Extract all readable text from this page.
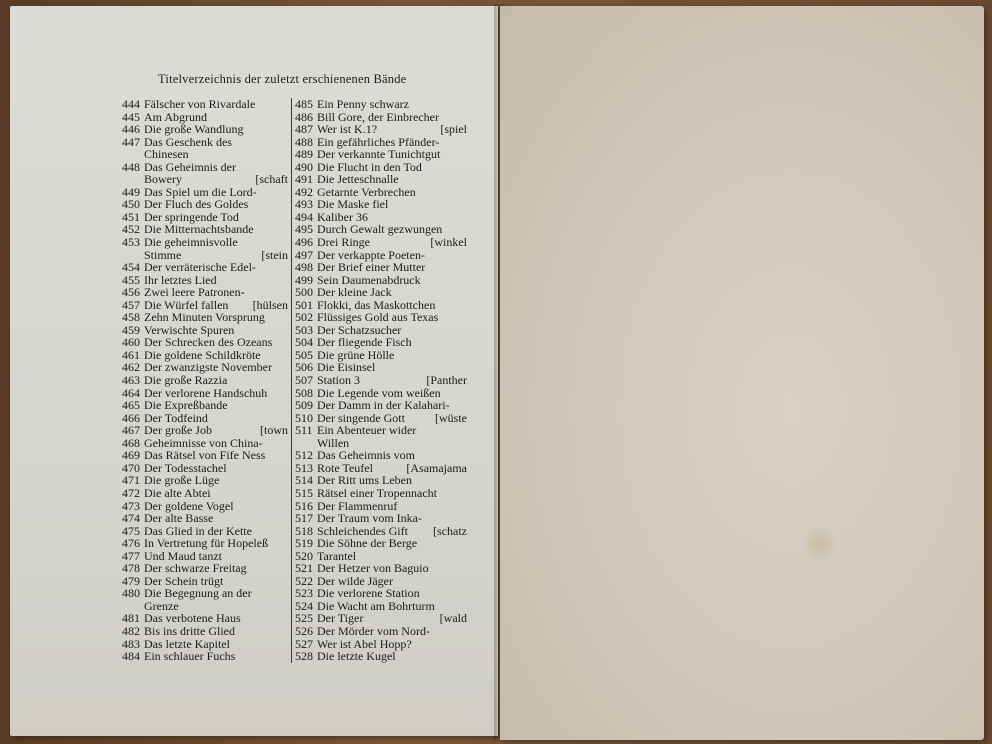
Titelverzeichnis der zuletzt erschienenen Bände
444 Fälscher von Rivardale
445 Am Abgrund
446 Die große Wandlung
447 Das Geschenk des
Chinesen
448 Das Geheimnis der
Bowery	[schaft
449 Das Spiel um die Lord-
450 Der Fluch des Goldes
451 Der springende Tod
452 Die Mitternachtsbande
453 Die geheimnisvolle
Stimme	[stein
454 Der verräterische Edel-
455 Ihr letztes Lied
456 Zwei leere Patronen-
457 Die Würfel fallen [hülsen
458 Zehn Minuten Vorsprung
459 Verwischte Spuren
460 Der Schrecken des Ozeans
461 Die goldene Schildkröte
462 Der zwanzigste November
463 Die große Razzia
464 Der verlorene Handschuh
465 Die Expreßbande
466 Der Todfeind
467 Der große Job	[town
468 Geheimnisse von China-
469 Das Rätsel von Fife Ness
470 Der Todesstachel
471 Die große Lüge
472 Die alte Abtei
473 Der goldene Vogel
474 Der alte Basse
475 Das Glied in der Kette
476 In Vertretung für Hopeleß
477 Und Maud tanzt
478 Der schwarze Freitag
479 Der Schein trügt
480 Die Begegnung an der
Grenze
481 Das verbotene Haus
482 Bis ins dritte Glied
483 Das letzte Kapitel
484 Ein schlauer Fuchs
485 Ein Penny schwarz
486 Bill Gore, der Einbrecher
487 Wer ist K.1?	[spiel
488 Ein gefährliches Pfänder-
489 Der verkannte Tunichtgut
490 Die Flucht in den Tod
491 Die Jetteschnalle
492 Getarnte Verbrechen
493 Die Maske fiel
494 Kaliber 36
495 Durch Gewalt gezwungen
496 Drei Ringe	[winkel
497 Der verkappte Poeten-
498 Der Brief einer Mutter
499 Sein Daumenabdruck
500 Der kleine Jack
501 Flokki, das Maskottchen
502 Flüssiges Gold aus Texas
503 Der Schatzsucher
504 Der fliegende Fisch
505 Die grüne Hölle
506 Die Eisinsel
507 Station 3	[Panther
508 Die Legende vom weißen
509 Der Damm in der Kalahari-
510 Der singende Gott	[wüste
511 Ein Abenteuer wider
Willen
512 Das Geheimnis vom
513 Rote Teufel	[Asamajama
514 Der Ritt ums Leben
515 Rätsel einer Tropennacht
516 Der Flammenruf
517 Der Traum vom Inka-
518 Schleichendes Gift [schatz
519 Die Söhne der Berge
520 Tarantel
521 Der Hetzer von Baguio
522 Der wilde Jäger
523 Die verlorene Station
524 Die Wacht am Bohrturm
525 Der Tiger	[wald
526 Der Mörder vom Nord-
527 Wer ist Abel Hopp?
528 Die letzte Kugel
